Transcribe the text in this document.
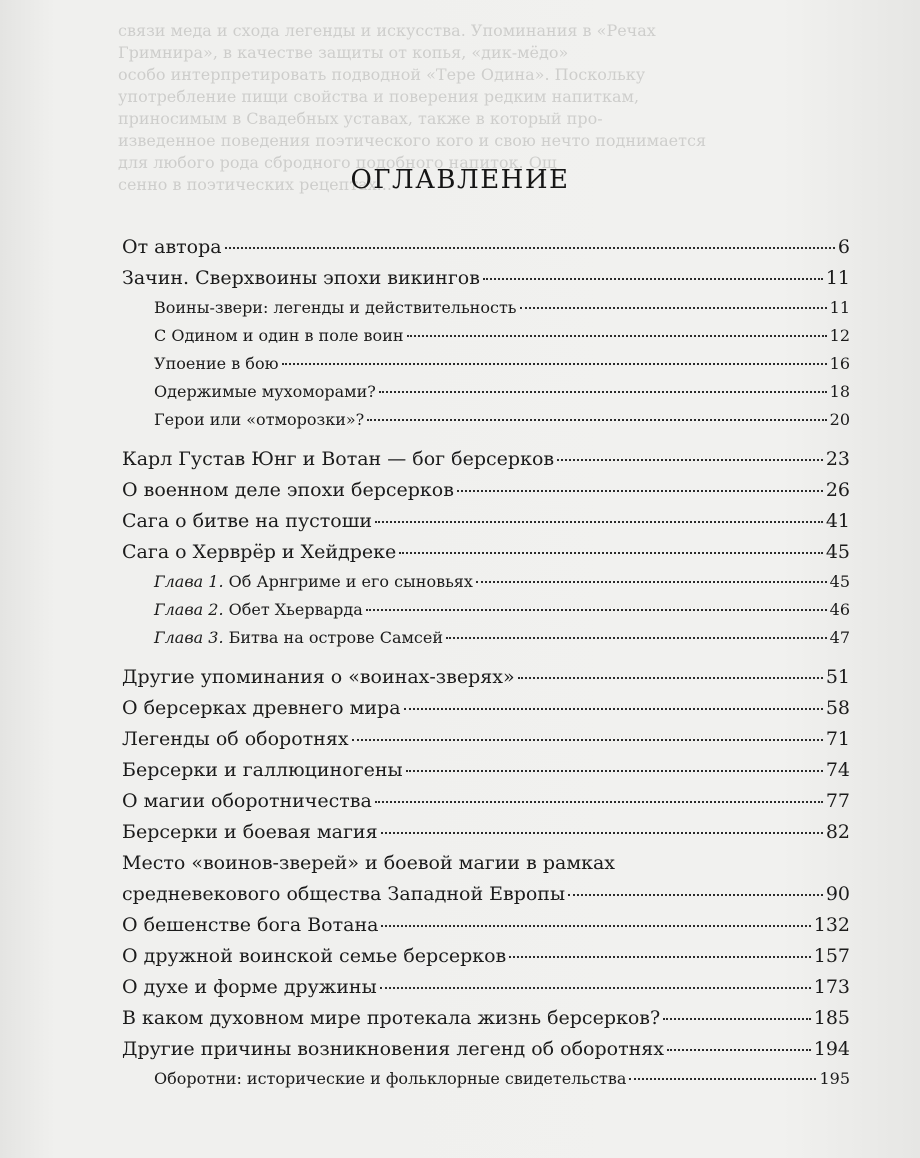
связи меда и схода легенды и искусства. Упоминания в «Речах
Гримнира», в качестве защиты от копья, «дик-мёдо»
особо интерпретировать подводной «Тере Одина». Поскольку
употребление пищи свойства и поверения редким напиткам,
приносимым в Свадебных уставах, также в который про-
изведенное поведения поэтического кого и свою нечто поднимается
для любого рода сбродного подобного напиток. Ощ
сенно в поэтических рецептах...
ОГЛАВЛЕНИЕ
От автора	6
Зачин. Сверхвоины эпохи викингов	11
Воины-звери: легенды и действительность	11
С Одином и один в поле воин	12
Упоение в бою	16
Одержимые мухоморами?	18
Герои или «отморозки»?	20
Карл Густав Юнг и Вотан — бог берсерков	23
О военном деле эпохи берсерков	26
Сага о битве на пустоши	41
Сага о Херврёр и Хейдреке	45
Глава 1. Об Арнгриме и его сыновьях	45
Глава 2. Обет Хьерварда	46
Глава 3. Битва на острове Самсей	47
Другие упоминания о «воинах-зверях»	51
О берсерках древнего мира	58
Легенды об оборотнях	71
Берсерки и галлюциногены	74
О магии оборотничества	77
Берсерки и боевая магия	82
Место «воинов-зверей» и боевой магии в рамках
средневекового общества Западной Европы	90
О бешенстве бога Вотана	132
О дружной воинской семье берсерков	157
О духе и форме дружины	173
В каком духовном мире протекала жизнь берсерков?	185
Другие причины возникновения легенд об оборотнях	194
Оборотни: исторические и фольклорные свидетельства	195
